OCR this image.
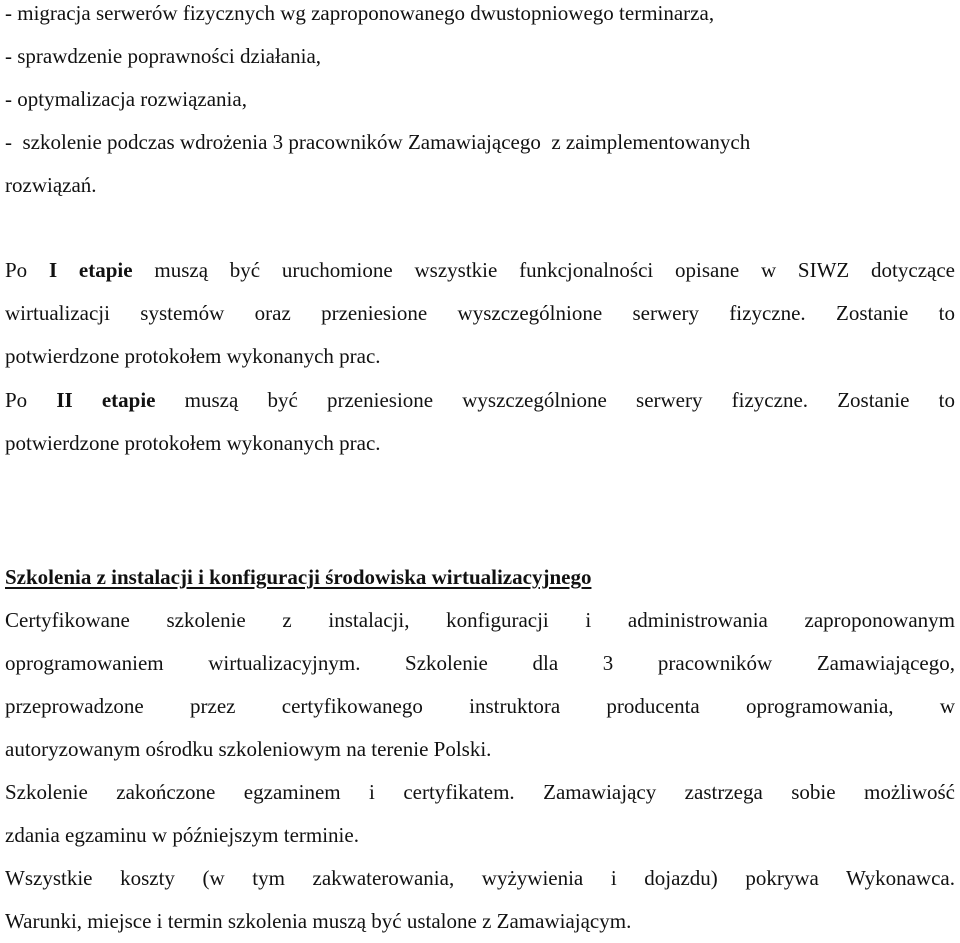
- migracja serwerów fizycznych wg zaproponowanego dwustopniowego terminarza,
- sprawdzenie poprawności działania,
- optymalizacja rozwiązania,
-  szkolenie podczas wdrożenia 3 pracowników Zamawiającego  z zaimplementowanych
rozwiązań.
Po I etapie muszą być uruchomione wszystkie funkcjonalności opisane w SIWZ dotyczące
wirtualizacji systemów oraz przeniesione wyszczególnione serwery fizyczne. Zostanie to
potwierdzone protokołem wykonanych prac.
Po II etapie muszą być przeniesione wyszczególnione serwery fizyczne. Zostanie to
potwierdzone protokołem wykonanych prac.
Szkolenia z instalacji i konfiguracji środowiska wirtualizacyjnego
Certyfikowane szkolenie z instalacji, konfiguracji i administrowania zaproponowanym
oprogramowaniem wirtualizacyjnym. Szkolenie dla 3 pracowników Zamawiającego,
przeprowadzone przez certyfikowanego instruktora producenta oprogramowania, w
autoryzowanym ośrodku szkoleniowym na terenie Polski.
Szkolenie zakończone egzaminem i certyfikatem. Zamawiający zastrzega sobie możliwość
zdania egzaminu w późniejszym terminie.
Wszystkie koszty (w tym zakwaterowania, wyżywienia i dojazdu) pokrywa Wykonawca.
Warunki, miejsce i termin szkolenia muszą być ustalone z Zamawiającym.
